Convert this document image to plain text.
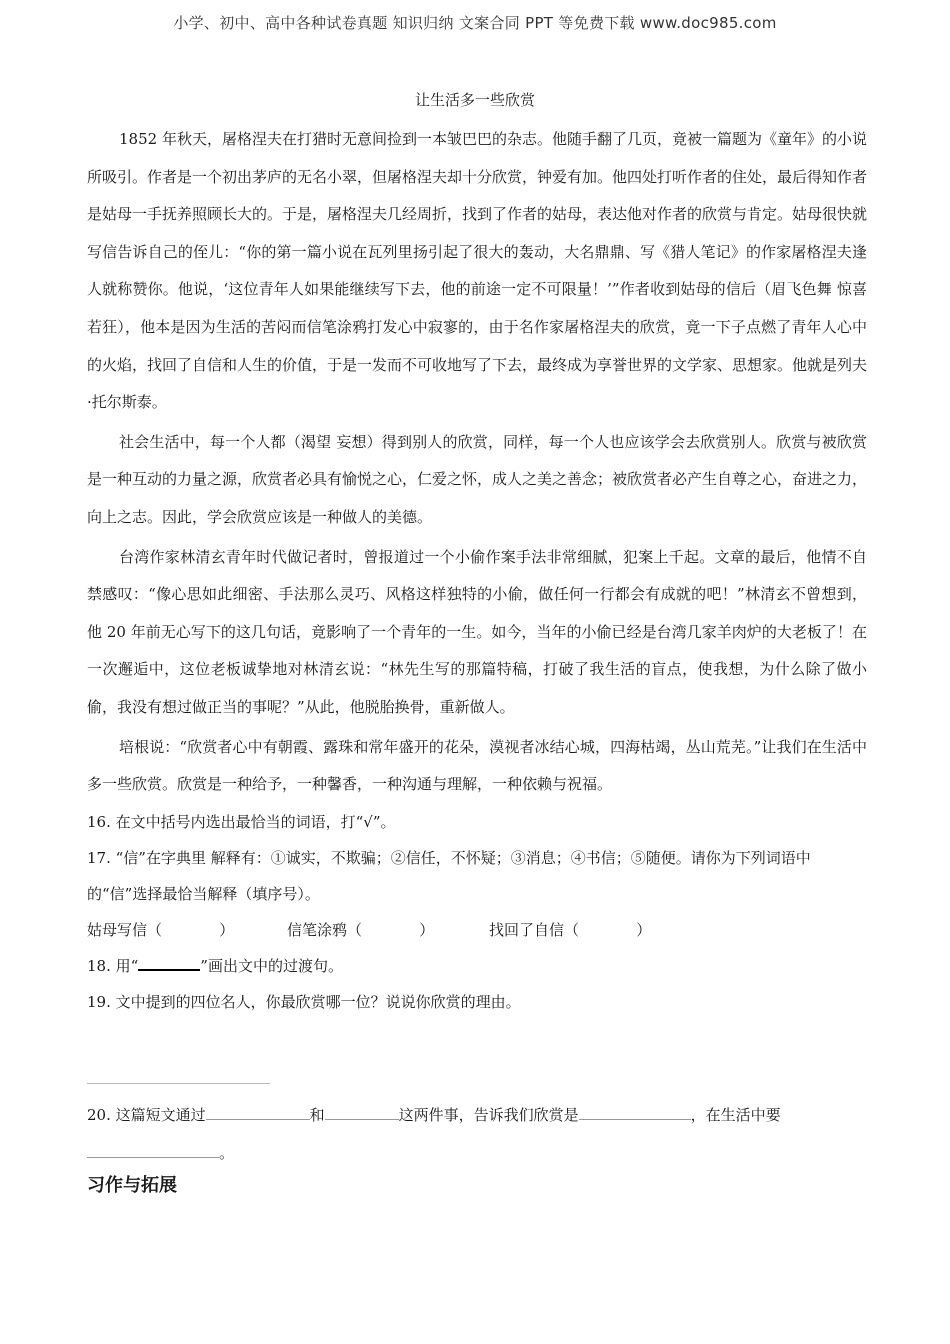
小学、初中、高中各种试卷真题 知识归纳 文案合同 PPT 等免费下载 www.doc985.com
让生活多一些欣赏

1852 年秋天，屠格涅夫在打猎时无意间捡到一本皱巴巴的杂志。他随手翻了几页，竟被一篇题为《童年》的小说所吸引。作者是一个初出茅庐的无名小翠，但屠格涅夫却十分欣赏，钟爱有加。他四处打听作者的住处，最后得知作者是姑母一手抚养照顾长大的。于是，屠格涅夫几经周折，找到了作者的姑母，表达他对作者的欣赏与肯定。姑母很快就写信告诉自己的侄儿：“你的第一篇小说在瓦列里扬引起了很大的轰动，大名鼎鼎、写《猎人笔记》的作家屠格涅夫逢人就称赞你。他说，‘这位青年人如果能继续写下去，他的前途一定不可限量！’”作者收到姑母的信后（眉飞色舞 惊喜若狂），他本是因为生活的苦闷而信笔涂鸦打发心中寂寥的，由于名作家屠格涅夫的欣赏，竟一下子点燃了青年人心中的火焰，找回了自信和人生的价值，于是一发而不可收地写了下去，最终成为享誉世界的文学家、思想家。他就是列夫·托尔斯泰。

社会生活中，每一个人都（渴望 妄想）得到别人的欣赏，同样，每一个人也应该学会去欣赏别人。欣赏与被欣赏是一种互动的力量之源，欣赏者必具有愉悦之心，仁爱之怀，成人之美之善念；被欣赏者必产生自尊之心，奋进之力，向上之志。因此，学会欣赏应该是一种做人的美德。

台湾作家林清玄青年时代做记者时，曾报道过一个小偷作案手法非常细腻，犯案上千起。文章的最后，他情不自禁感叹：“像心思如此细密、手法那么灵巧、风格这样独特的小偷，做任何一行都会有成就的吧！”林清玄不曾想到，他 20 年前无心写下的这几句话，竟影响了一个青年的一生。如今，当年的小偷已经是台湾几家羊肉炉的大老板了！在一次邂逅中，这位老板诚挚地对林清玄说：“林先生写的那篇特稿，打破了我生活的盲点，使我想，为什么除了做小偷，我没有想过做正当的事呢？”从此，他脱胎换骨，重新做人。

培根说：“欣赏者心中有朝霞、露珠和常年盛开的花朵，漠视者冰结心城，四海枯竭，丛山荒芜。”让我们在生活中多一些欣赏。欣赏是一种给予，一种馨香，一种沟通与理解，一种依赖与祝福。

16. 在文中括号内选出最恰当的词语，打“√”。

17. “信”在字典里 解释有：①诚实，不欺骗；②信任，不怀疑；③消息；④书信；⑤随便。请你为下列词语中的“信”选择最恰当解释（填序号）。

姑母写信（            ）	信笔涂鸦（            ）	找回了自信（            ）

18. 用“	”画出文中的过渡句。

19. 文中提到的四位名人，你最欣赏哪一位？说说你欣赏的理由。

20. 这篇短文通过	和	这两件事，告诉我们欣赏是	，在生活中要
。
习作与拓展
